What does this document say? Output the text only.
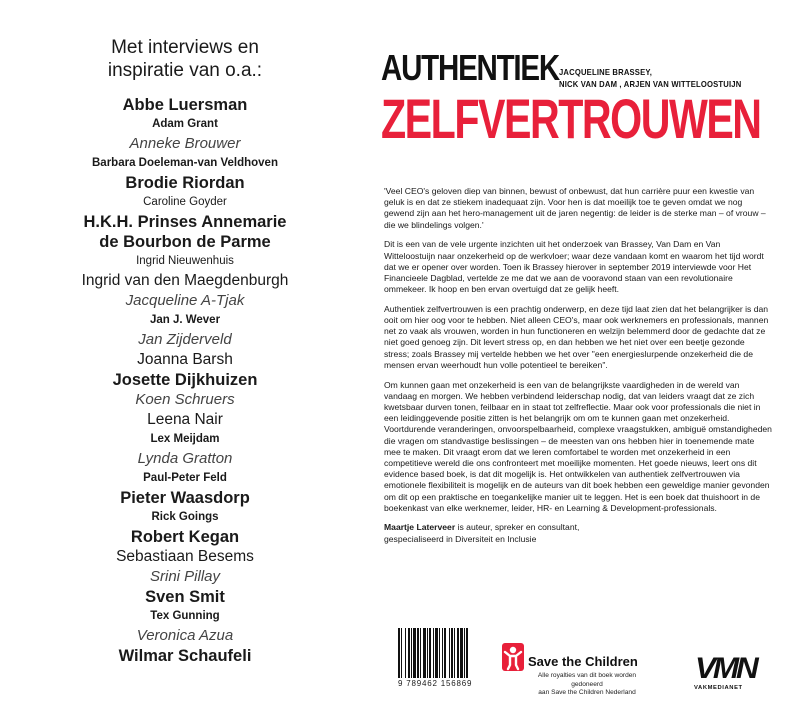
Met interviews en
inspiratie van o.a.:
Abbe Luersman
Adam Grant
Anneke Brouwer
Barbara Doeleman-van Veldhoven
Brodie Riordan
Caroline Goyder
H.K.H. Prinses Annemarie
de Bourbon de Parme
Ingrid Nieuwenhuis
Ingrid van den Maegdenburgh
Jacqueline A-Tjak
Jan J. Wever
Jan Zijderveld
Joanna Barsh
Josette Dijkhuizen
Koen Schruers
Leena Nair
Lex Meijdam
Lynda Gratton
Paul-Peter Feld
Pieter Waasdorp
Rick Goings
Robert Kegan
Sebastiaan Besems
Srini Pillay
Sven Smit
Tex Gunning
Veronica Azua
Wilmar Schaufeli
AUTHENTIEK JACQUELINE BRASSEY,
NICK VAN DAM , ARJEN VAN WITTELOOSTUIJN
ZELFVERTROUWEN

'Veel CEO's geloven diep van binnen, bewust of onbewust, dat hun carrière puur een kwestie van geluk is en dat ze stiekem inadequaat zijn. Voor hen is dat moeilijk toe te geven omdat we nog gewend zijn aan het hero-management uit de jaren negentig: de leider is de sterke man – of vrouw – die we blindelings volgen.'

Dit is een van de vele urgente inzichten uit het onderzoek van Brassey, Van Dam en Van Witteloostuijn naar onzekerheid op de werkvloer; waar deze vandaan komt en waarom het tijd wordt dat we er opener over worden. Toen ik Brassey hierover in september 2019 interviewde voor Het Financieele Dagblad, vertelde ze me dat we aan de vooravond staan van een revolutionaire ommekeer. Ik hoop en ben ervan overtuigd dat ze gelijk heeft.

Authentiek zelfvertrouwen is een prachtig onderwerp, en deze tijd laat zien dat het belangrijker is dan ooit om hier oog voor te hebben. Niet alleen CEO's, maar ook werknemers en professionals, mannen net zo vaak als vrouwen, worden in hun functioneren en welzijn belemmerd door de gedachte dat ze niet goed genoeg zijn. Dit levert stress op, en dan hebben we het niet over een beetje gezonde stress; zoals Brassey mij vertelde hebben we het over "een energieslurpende onzekerheid die de mensen ervan weerhoudt hun volle potentieel te bereiken".

Om kunnen gaan met onzekerheid is een van de belangrijkste vaardigheden in de wereld van vandaag en morgen. We hebben verbindend leiderschap nodig, dat van leiders vraagt dat ze zich kwetsbaar durven tonen, feilbaar en in staat tot zelfreflectie. Maar ook voor professionals die niet in een leidinggevende positie zitten is het belangrijk om om te kunnen gaan met onzekerheid. Voortdurende veranderingen, onvoorspelbaarheid, complexe vraagstukken, ambiguë omstandigheden die vragen om standvastige beslissingen – de meesten van ons hebben hier in toenemende mate mee te maken. Dit vraagt erom dat we leren comfortabel te worden met onzekerheid in een competitieve wereld die ons confronteert met moeilijke momenten. Het goede nieuws, leert ons dit evidence based boek, is dat dit mogelijk is. Het ontwikkelen van authentiek zelfvertrouwen via emotionele flexibiliteit is mogelijk en de auteurs van dit boek hebben een geweldige manier gevonden om dit op een praktische en toegankelijke manier uit te leggen. Het is een boek dat thuishoort in de boekenkast van elke werknemer, leider, HR- en Learning & Development-professionals.

Maartje Laterveer is auteur, spreker en consultant,
gespecialiseerd in Diversiteit en Inclusie

9 789462 156869
Save the Children
Alle royalties van dit boek worden gedoneerd
aan Save the Children Nederland
VMN
VAKMEDIANET
